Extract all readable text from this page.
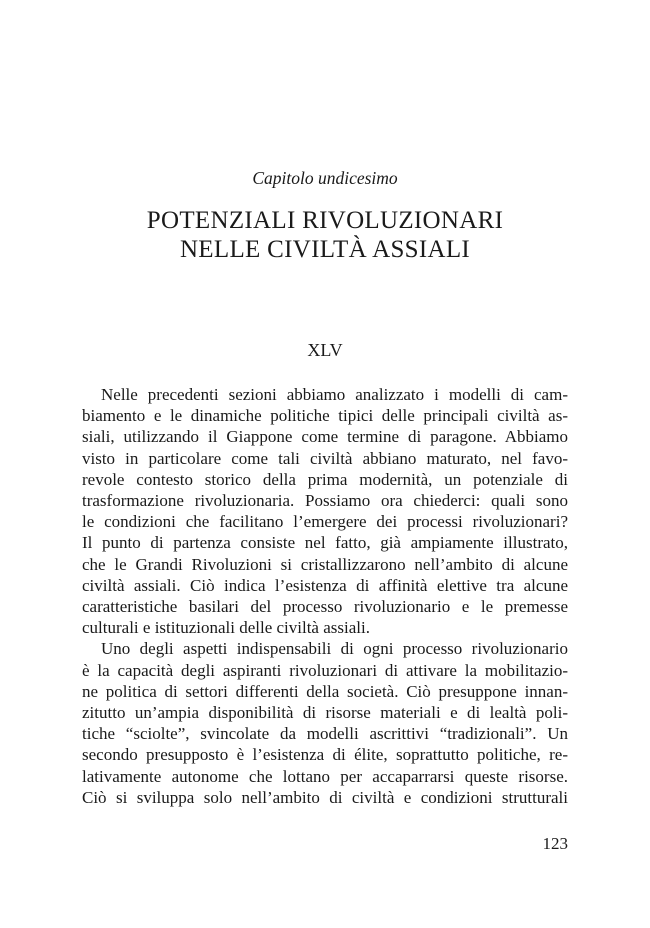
Capitolo undicesimo
POTENZIALI RIVOLUZIONARI
NELLE CIVILTÀ ASSIALI
XLV
Nelle precedenti sezioni abbiamo analizzato i modelli di cam-
biamento e le dinamiche politiche tipici delle principali civiltà as-
siali, utilizzando il Giappone come termine di paragone. Abbiamo
visto in particolare come tali civiltà abbiano maturato, nel favo-
revole contesto storico della prima modernità, un potenziale di
trasformazione rivoluzionaria. Possiamo ora chiederci: quali sono
le condizioni che facilitano l’emergere dei processi rivoluzionari?
Il punto di partenza consiste nel fatto, già ampiamente illustrato,
che le Grandi Rivoluzioni si cristallizzarono nell’ambito di alcune
civiltà assiali. Ciò indica l’esistenza di affinità elettive tra alcune
caratteristiche basilari del processo rivoluzionario e le premesse
culturali e istituzionali delle civiltà assiali.
Uno degli aspetti indispensabili di ogni processo rivoluzionario
è la capacità degli aspiranti rivoluzionari di attivare la mobilitazio-
ne politica di settori differenti della società. Ciò presuppone innan-
zitutto un’ampia disponibilità di risorse materiali e di lealtà poli-
tiche “sciolte”, svincolate da modelli ascrittivi “tradizionali”. Un
secondo presupposto è l’esistenza di élite, soprattutto politiche, re-
lativamente autonome che lottano per accaparrarsi queste risorse.
Ciò si sviluppa solo nell’ambito di civiltà e condizioni strutturali
123
